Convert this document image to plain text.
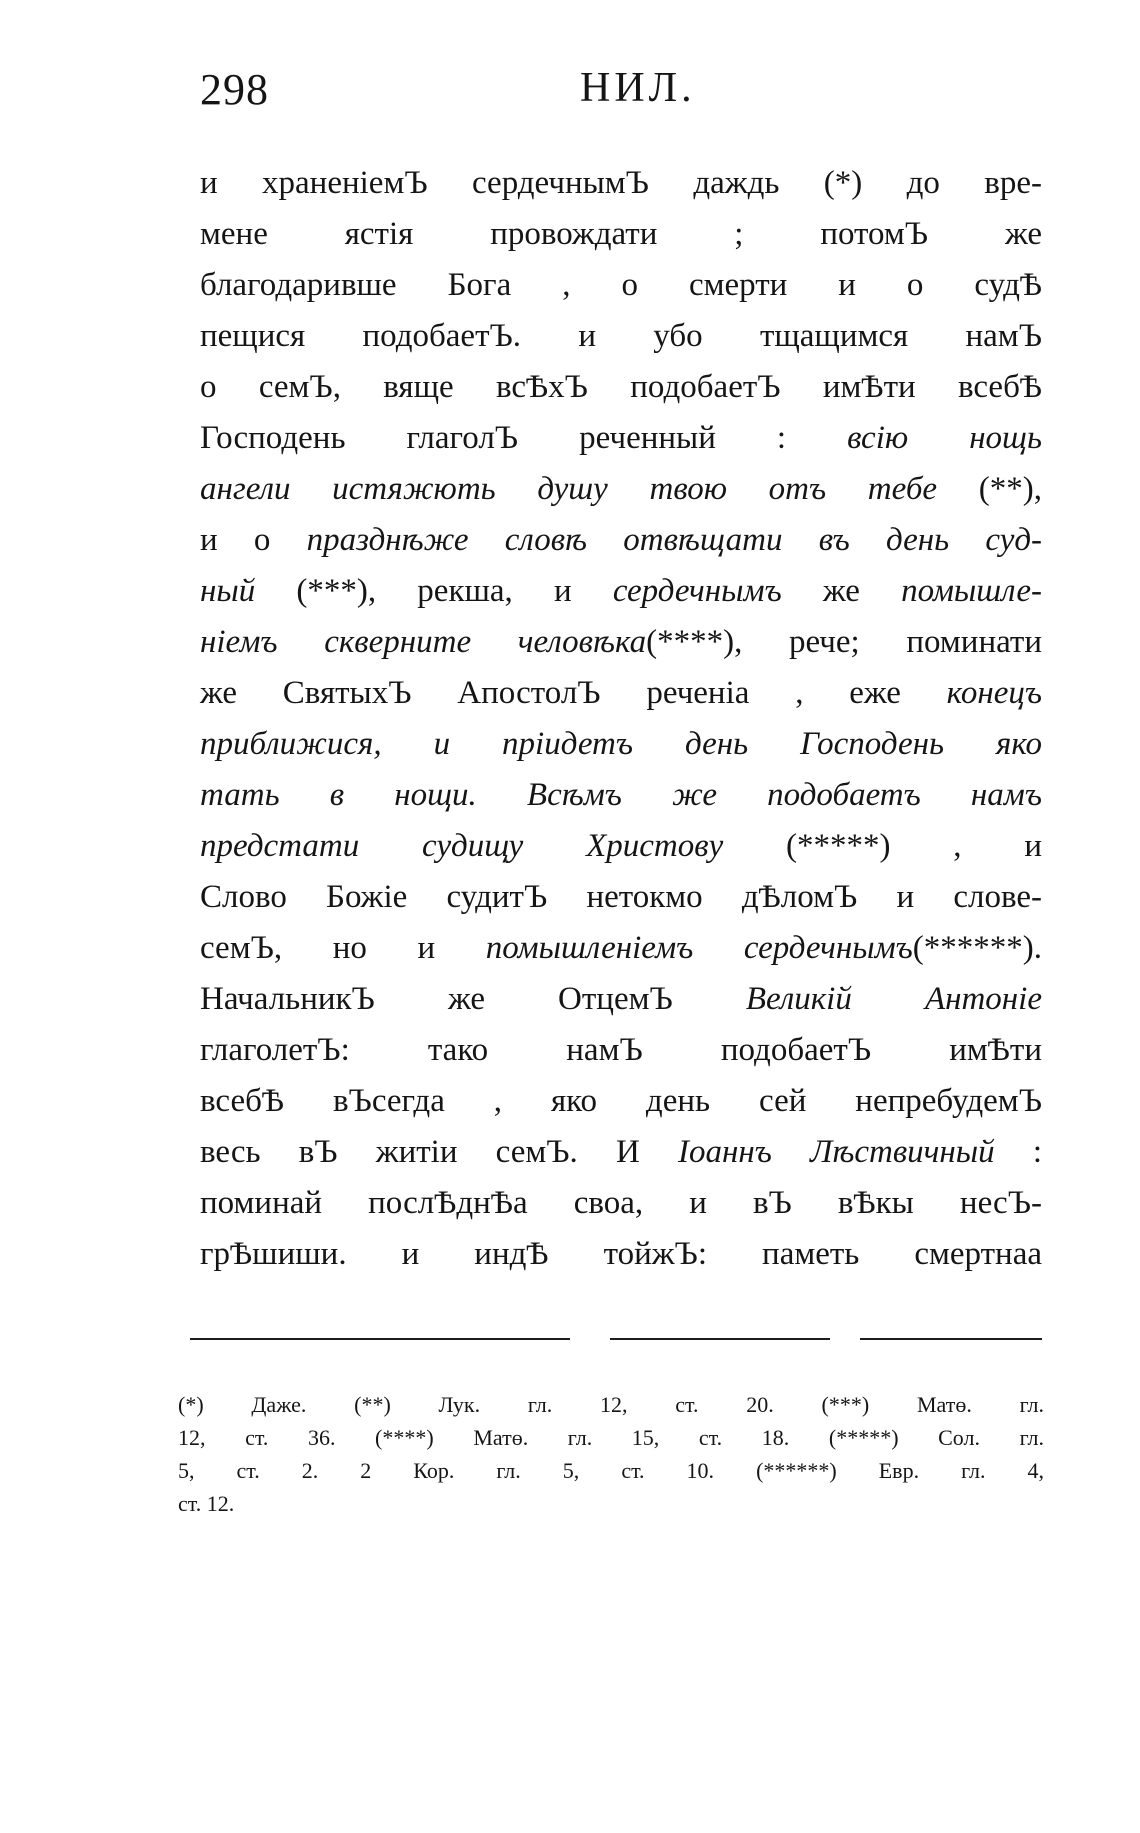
298	НИЛ.
и храненіемЪ сердечнымЪ даждь (*) до вре-
мене ястія провождати ; потомЪ же
благодаривше Бога , о смерти и о судѢ
пещися подобаетЪ. и убо тщащимся намЪ
о семЪ, вяще всѢхЪ подобаетЪ имѢти всебѢ
Господень глаголЪ реченный : всію нощь
ангели истяжють душу твою отъ тебе (**),
и о празднѣже словѣ отвѣщати въ день суд-
ный (***), рекша, и сердечнымъ же помышле-
ніемъ скверните человѣка(****), рече; поминати
же СвятыхЪ АпостолЪ реченіа , еже конецъ
приближися, и пріидетъ день Господень яко
тать в нощи. Всѣмъ же подобаетъ намъ
предстати судищу Христову (*****) , и
Слово Божіе судитЪ нетокмо дѢломЪ и слове-
семЪ, но и помышленіемъ сердечнымъ(******).
НачальникЪ же ОтцемЪ Великій Антоніе
глаголетЪ: тако намЪ подобаетЪ имѢти
всебѢ вЪсегда , яко день сей непребудемЪ
весь вЪ житіи семЪ. И Іоаннъ Лѣствичный :
поминай послѢднѢа своа, и вЪ вѢкы несЪ-
грѢшиши. и индѢ тойжЪ: паметь смертнаа
(*) Даже. (**) Лук. гл. 12, ст. 20. (***) Матө. гл.
12, ст. 36. (****) Матө. гл. 15, ст. 18. (*****) Сол. гл.
5, ст. 2. 2 Кор. гл. 5, ст. 10. (******) Евр. гл. 4,
ст. 12.
